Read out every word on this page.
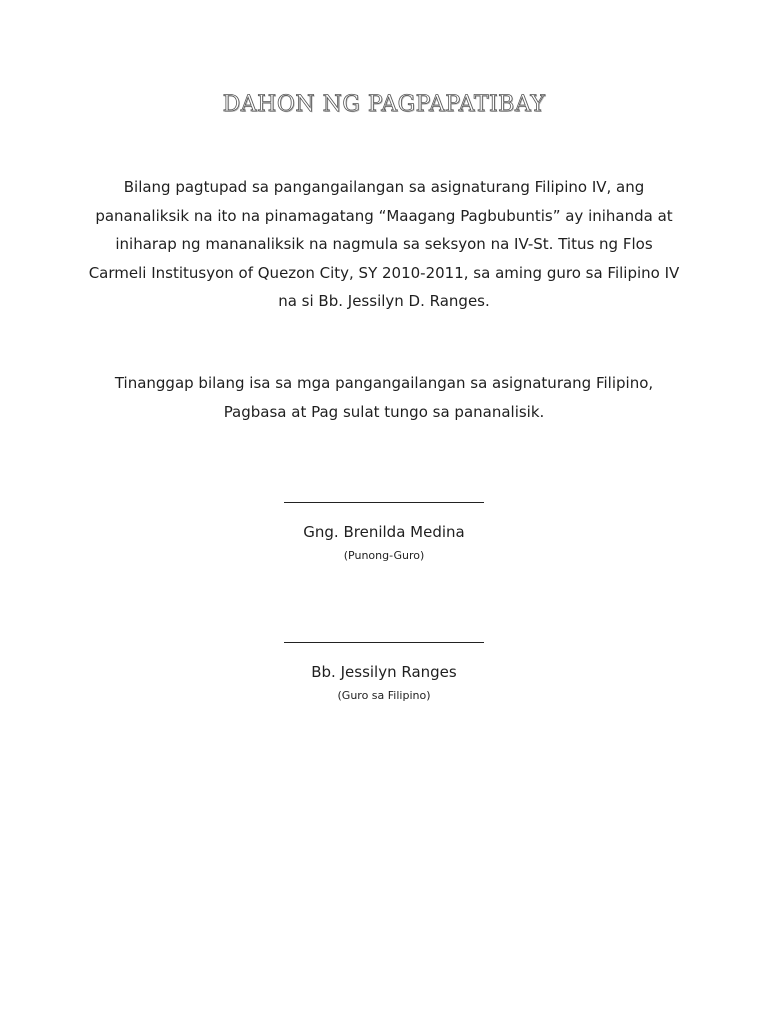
DAHON NG PAGPAPATIBAY
Bilang pagtupad sa pangangailangan sa asignaturang Filipino IV, ang pananaliksik na ito na pinamagatang “Maagang Pagbubuntis” ay inihanda at iniharap ng mananaliksik na nagmula sa seksyon na IV-St. Titus ng Flos Carmeli Institusyon of Quezon City, SY 2010-2011, sa aming guro sa Filipino IV na si Bb. Jessilyn D. Ranges.
Tinanggap bilang isa sa mga pangangailangan sa asignaturang Filipino, Pagbasa at Pag sulat tungo sa pananalisik.
Gng. Brenilda Medina
(Punong-Guro)
Bb. Jessilyn Ranges
(Guro sa Filipino)
